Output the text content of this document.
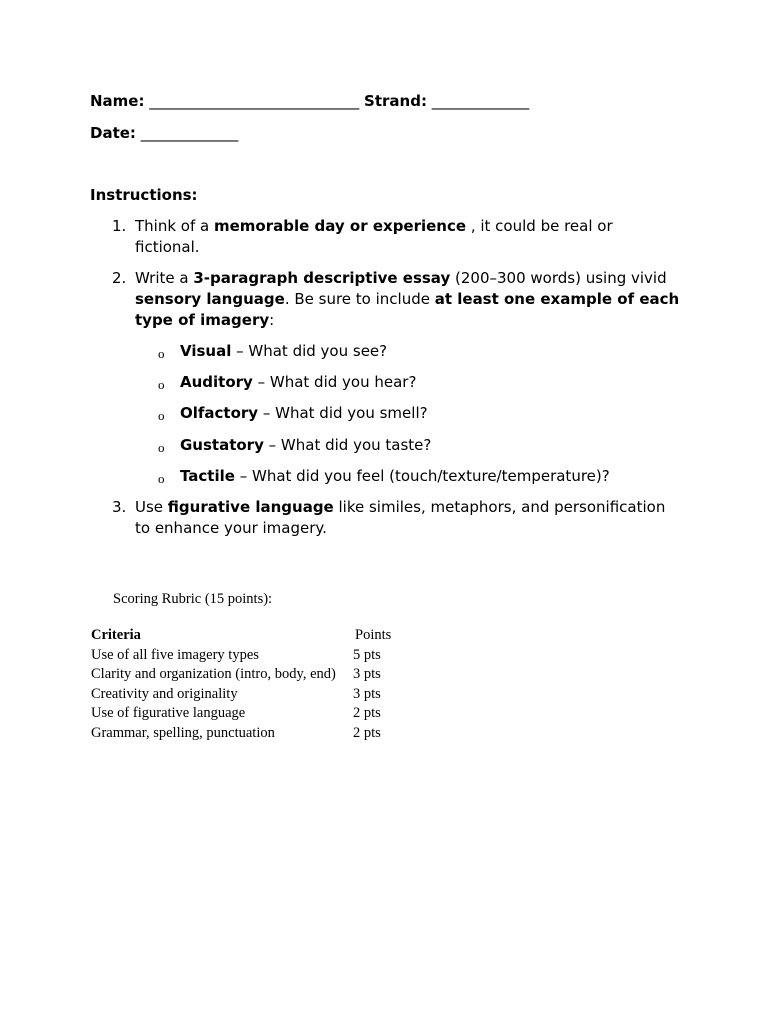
Name: ____________________________ Strand: _____________
Date: _____________
Instructions:
1. Think of a memorable day or experience , it could be real or fictional.
2. Write a 3-paragraph descriptive essay (200–300 words) using vivid sensory language. Be sure to include at least one example of each type of imagery:
o Visual – What did you see?
o Auditory – What did you hear?
o Olfactory – What did you smell?
o Gustatory – What did you taste?
o Tactile – What did you feel (touch/texture/temperature)?
3. Use figurative language like similes, metaphors, and personification to enhance your imagery.
Scoring Rubric (15 points):
Criteria	Points
Use of all five imagery types	5 pts
Clarity and organization (intro, body, end)	3 pts
Creativity and originality	3 pts
Use of figurative language	2 pts
Grammar, spelling, punctuation	2 pts
